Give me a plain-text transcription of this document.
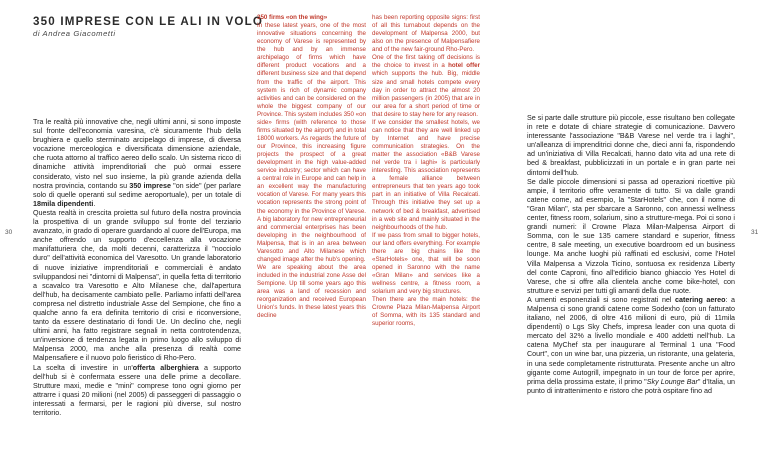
350 IMPRESE CON LE ALI IN VOLO
di Andrea Giacometti

Tra le realtà più innovative che, negli ultimi anni, si sono imposte sul fronte dell'economia varesina, c'è sicuramente l'hub della brughiera e quello sterminato arcipelago di imprese, di diversa vocazione merceologica e diversificata dimensione aziendale, che ruota attorno al traffico aereo dello scalo. Un sistema ricco di dinamiche attività imprenditoriali che può ormai essere considerato, visto nel suo insieme, la più grande azienda della nostra provincia, contando su 350 imprese "on side" (per parlare solo di quelle operanti sul sedime aeroportuale), per un totale di 18mila dipendenti.

Questa realtà in crescita proietta sul futuro della nostra provincia la prospettiva di un grande sviluppo sul fronte del terziario avanzato, in grado di operare guardando al cuore dell'Europa, ma anche offrendo un supporto d'eccellenza alla vocazione manifatturiera che, da molti decenni, caratterizza il "nocciolo duro" dell'attività economica del Varesotto. Un grande laboratorio di nuove iniziative imprenditoriali e commerciali è andato sviluppandosi nei "dintorni di Malpensa", in quella fetta di territorio a scavalco tra Varesotto e Alto Milanese che, dall'apertura dell'hub, ha decisamente cambiato pelle. Parliamo infatti dell'area compresa nel distretto industriale Asse del Sempione, che fino a qualche anno fa era definita territorio di crisi e riconversione, tanto da essere destinatario di fondi Ue. Un declino che, negli ultimi anni, ha fatto registrare segnali in netta controtendenza, un'inversione di tendenza legata in primo luogo allo sviluppo di Malpensa 2000, ma anche alla presenza di realtà come Malpensafiere e il nuovo polo fieristico di Rho-Pero.

La scelta di investire in un'offerta alberghiera a supporto dell'hub si è confermata essere una delle prime a decollare. Strutture maxi, medie e "mini" comprese tono ogni giorno per attrarre i quasi 20 milioni (nel 2005) di passeggeri di passaggio o interessati a fermarsi, per le ragioni più diverse, sul nostro territorio.

350 firms «on the wing»

In these latest years, one of the most innovative situations concerning the economy of Varese is represented by the hub and by an immense archipelago of firms which have different product vocations and a different business size and that depend from the traffic of the airport. This system is rich of dynamic company activities and can be considered on the whole the biggest company of our Province. This system includes 350 «on side» firms (with reference to those firms situated by the airport) and in total 18000 workers. As regards the future of our Province, this increasing figure projects the prospect of a great development in the high value-added service industry; sector which can have a central role in Europe and can help in an excellent way the manufacturing vocation of Varese. For many years this vocation represents the strong point of the economy in the Province of Varese. A big laboratory for new entrepreneurial and commercial enterprises has been developing in the neighbourhood of Malpensa, that is in an area between Varesotto and Alto Milanese which changed image after the hub's opening.

We are speaking about the area included in the industrial zone Asse del Sempione. Up till some years ago this area was a land of recession and reorganization and received European Union's funds. In these latest years this decline

has been reporting opposite signs: first of all this turnabout depends on the development of Malpensa 2000, but also on the presence of Malpensafiere and of the new fair-ground Rho-Pero.

One of the first taking off decisions is the choice to invest in a hotel offer which supports the hub. Big, middle size and small hotels compete every day in order to attract the almost 20 million passengers (in 2005) that are in our area for a short period of time or that desire to stay here for any reason.

If we consider the smallest hotels, we can notice that they are well linked up by Internet and have precise communication strategies. On the matter the association «B&B Varese nel verde tra i laghi» is particularly interesting. This association represents a female alliance between entrepreneurs that ten years ago took part in an initiative of Villa Recalcati. Through this initiative they set up a network of bed & breakfast, advertised in a web site and mainly situated in the neighbourhoods of the hub.

If we pass from small to bigger hotels, our land offers everything. For example there are big chains like the «StarHotels» one, that will be soon opened in Saronno with the name «Gran Milan» and services like a wellness centre, a fitness room, a solarium and very big structures.

Then there are the main hotels: the Crowne Plaza Milan-Malpensa Airport of Somma, with its 135 standard and superior rooms,

Se si parte dalle strutture più piccole, esse risultano ben collegate in rete e dotate di chiare strategie di comunicazione. Davvero interessante l'associazione "B&B Varese nel verde tra i laghi", un'alleanza di imprenditrici donne che, dieci anni fa, rispondendo ad un'iniziativa di Villa Recalcati, hanno dato vita ad una rete di bed & breakfast, pubblicizzati in un portale e in gran parte nei dintorni dell'hub.

Se dalle piccole dimensioni si passa ad operazioni ricettive più ampie, il territorio offre veramente di tutto. Si va dalle grandi catene come, ad esempio, la "StarHotels" che, con il nome di "Gran Milan", sta per sbarcare a Saronno, con annessi wellness center, fitness room, solarium, sino a strutture-mega. Poi ci sono i grandi numeri: il Crowne Plaza Milan-Malpensa Airport di Somma, con le sue 135 camere standard e superior, fitness centre, 8 sale meeting, un executive boardroom ed un business lounge. Ma anche luoghi più raffinati ed esclusivi, come l'Hotel Villa Malpensa a Vizzola Ticino, sontuosa ex residenza Liberty del conte Caproni, fino all'edificio bianco ghiaccio Yes Hotel di Varese, che si offre alla clientela anche come bike-hotel, con strutture e servizi per tutti gli amanti della due ruote.

A umenti esponenziali si sono registrati nel catering aereo: a Malpensa ci sono grandi catene come Sodexho (con un fatturato italiano, nel 2006, di oltre 416 milioni di euro, più di 11mila dipendenti) o Lgs Sky Chefs, impresa leader con una quota di mercato del 32% a livello mondiale e 400 addetti nell'hub. La catena MyChef sta per inaugurare al Terminal 1 una "Food Court", con un wine bar, una pizzeria, un ristorante, una gelateria, in una sede completamente ristrutturata. Presente anche un altro gigante come Autogrill, impegnato in un tour de force per aprire, prima della prossima estate, il primo "Sky Lounge Bar" d'Italia, un punto di intrattenimento e ristoro che potrà ospitare fino ad

30	31
